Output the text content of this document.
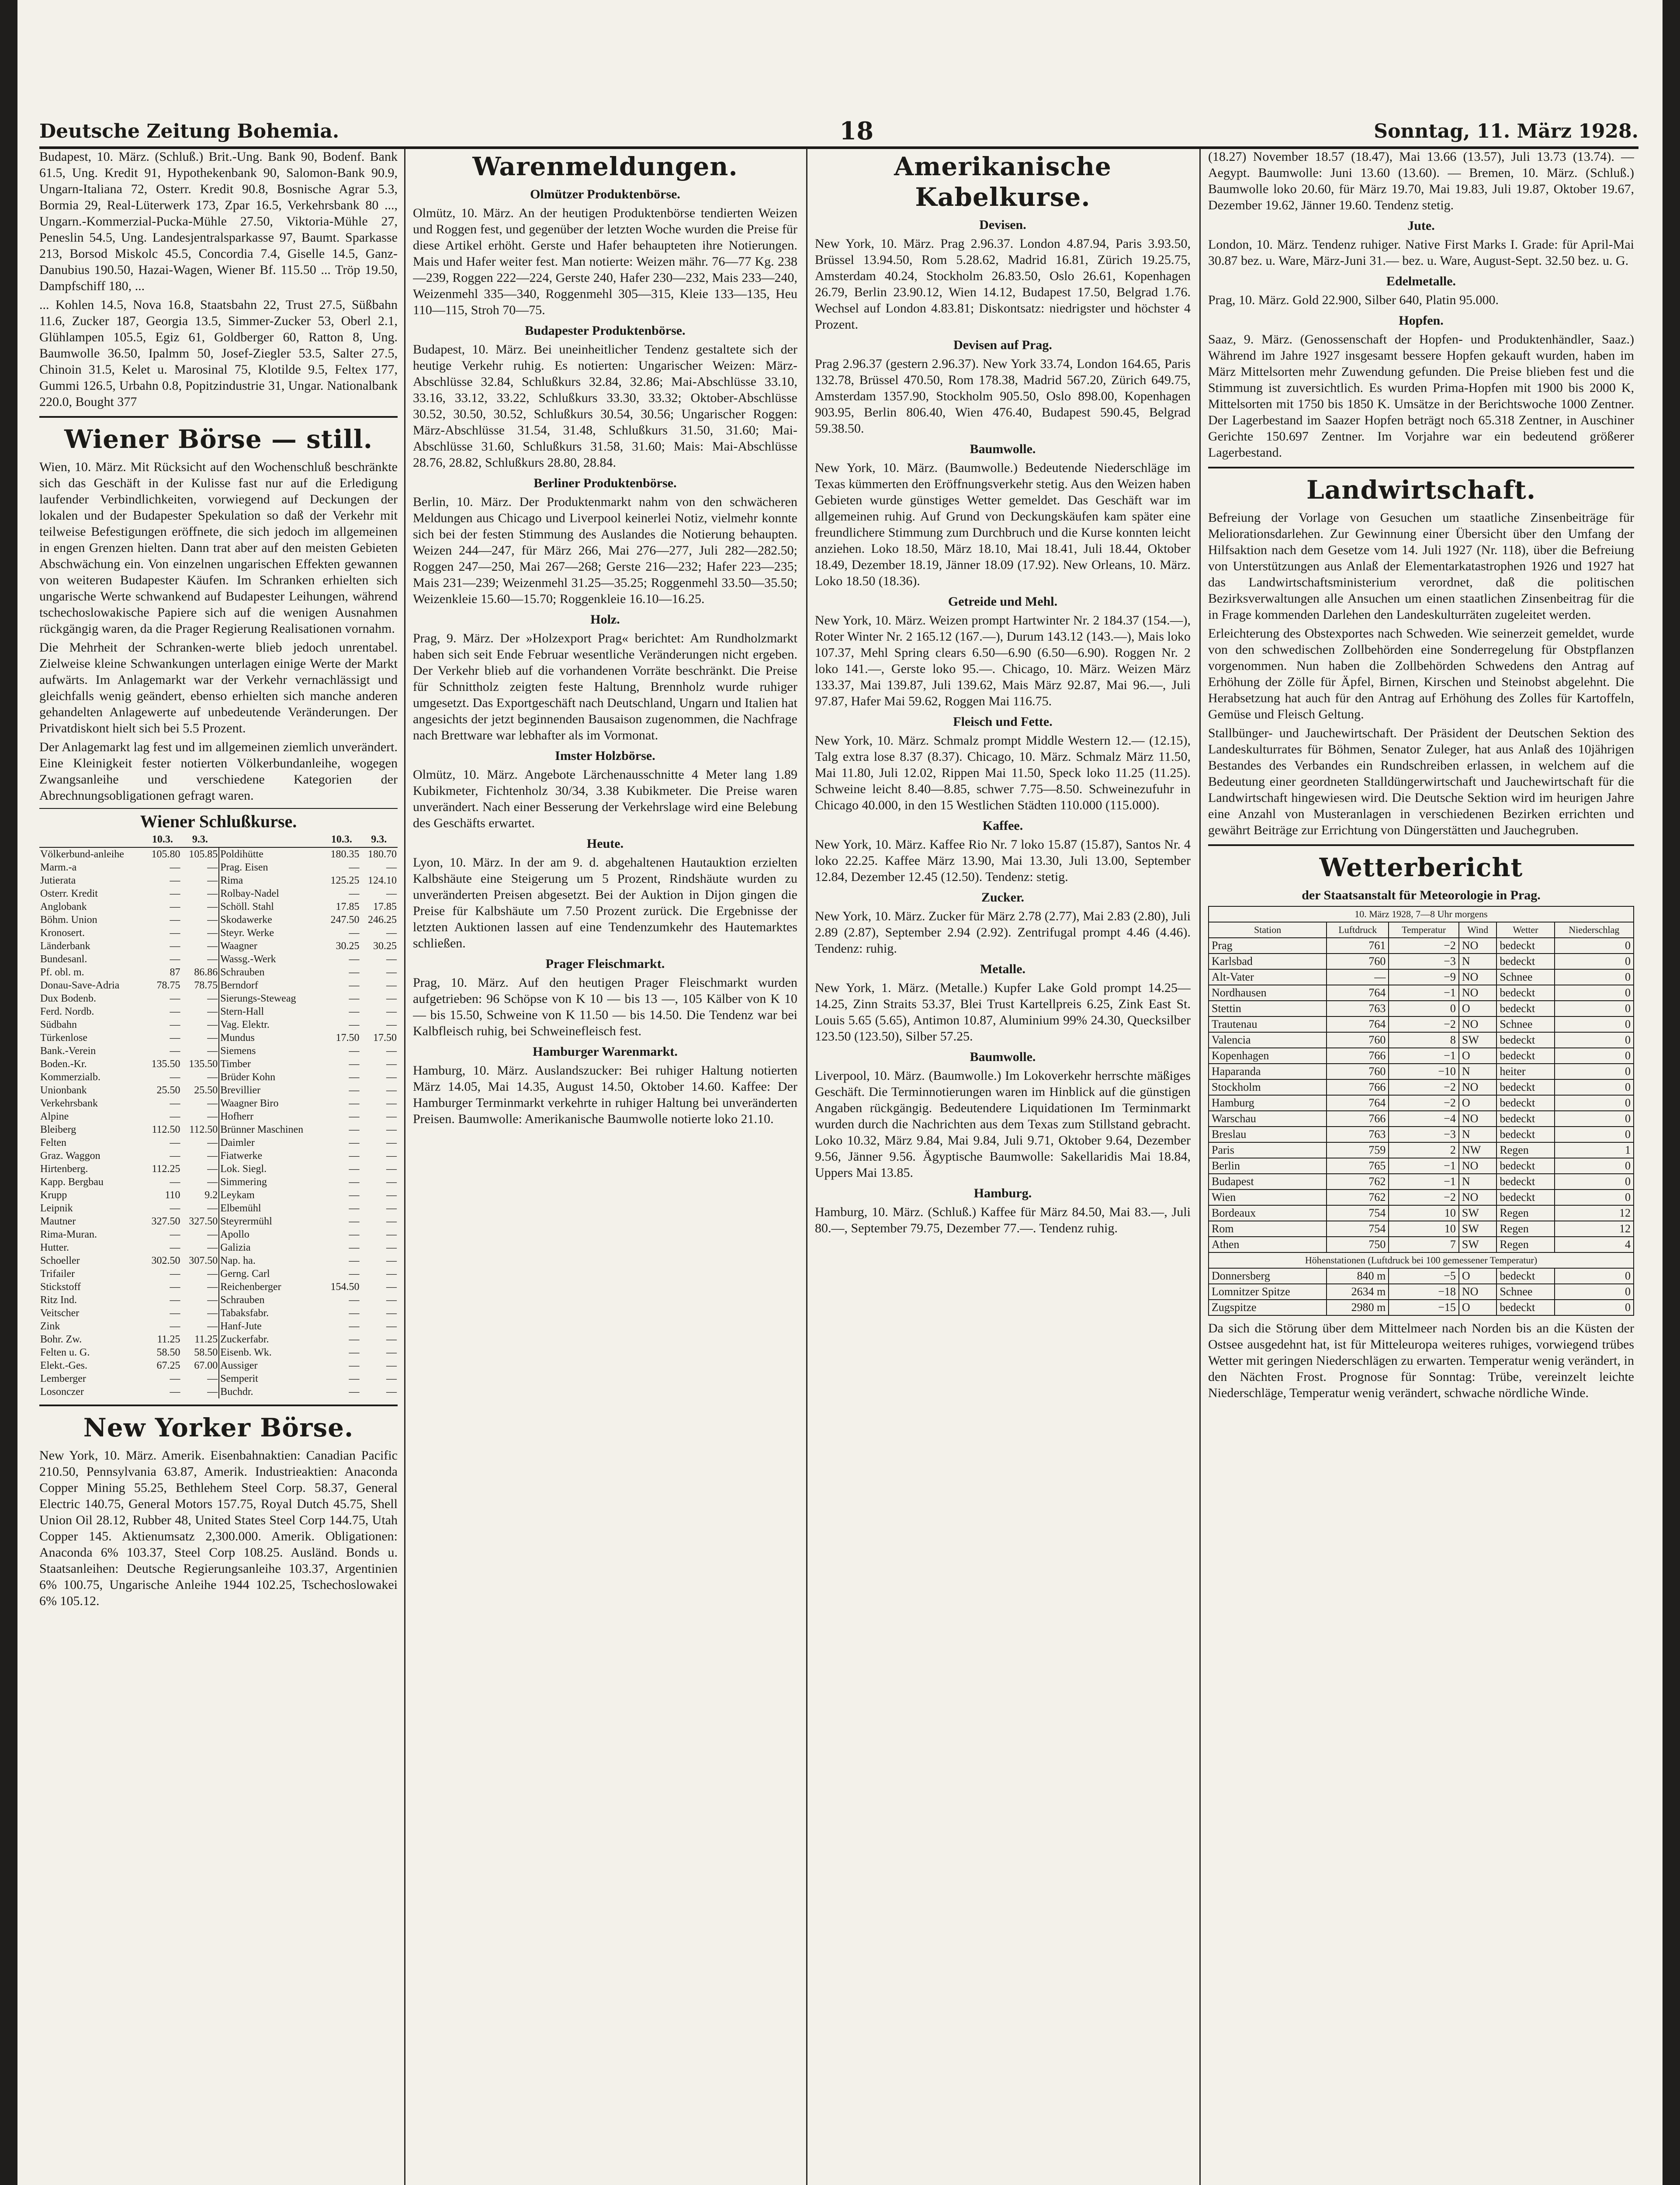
Deutsche Zeitung Bohemia.	18	Sonntag, 11. März 1928.

Budapest, 10. März. (Schluß.) Brit.-Ung. Bank 90, Bodenf. Bank 61.5, Ung. Kredit 91, Hypothekenbank 90, Salomon-Bank 90.9, Ungarn-Italiana 72, Osterr. Kredit 90.8, Bosnische Agrar 5.3, Bormia 29, Real-Lüterwerk 173, Zpar 16.5, Verkehrsbank 80 ..., Ungarn.-Kommerzial-Pucka-Mühle 27.50, Viktoria-Mühle 27, Peneslin 54.5, Ung. Landesjentralsparkasse 97, Baumt. Sparkasse 213, Borsod Miskolc 45.5, Concordia 7.4, Giselle 14.5, Ganz-Danubius 190.50, Hazai-Wagen, Wiener Bf. 115.50 ... Tröp 19.50, Dampfschiff 180, ...

... Kohlen 14.5, Nova 16.8, Staatsbahn 22, Trust 27.5, Süßbahn 11.6, Zucker 187, Georgia 13.5, Simmer-Zucker 53, Oberl 2.1, Glühlampen 105.5, Egiz 61, Goldberger 60, Ratton 8, Ung. Baumwolle 36.50, Ipalmm 50, Josef-Ziegler 53.5, Salter 27.5, Chinoin 31.5, Kelet u. Marosinal 75, Klotilde 9.5, Feltex 177, Gummi 126.5, Urbahn 0.8, Popitzindustrie 31, Ungar. Nationalbank 220.0, Bought 377

Wiener Börse — still.

Wien, 10. März. Mit Rücksicht auf den Wochenschluß beschränkte sich das Geschäft in der Kulisse fast nur auf die Erledigung laufender Verbindlichkeiten, vorwiegend auf Deckungen der lokalen und der Budapester Spekulation so daß der Verkehr mit teilweise Befestigungen eröffnete, die sich jedoch im allgemeinen in engen Grenzen hielten. Dann trat aber auf den meisten Gebieten Abschwächung ein. Von einzelnen ungarischen Effekten gewannen von weiteren Budapester Käufen. Im Schranken erhielten sich ungarische Werte schwankend auf Budapester Leihungen, während tschechoslowakische Papiere sich auf die wenigen Ausnahmen rückgängig waren, da die Prager Regierung Realisationen vornahm.

Die Mehrheit der Schranken-werte blieb jedoch unrentabel. Zielweise kleine Schwankungen unterlagen einige Werte der Markt aufwärts. Im Anlagemarkt war der Verkehr vernachlässigt und gleichfalls wenig geändert, ebenso erhielten sich manche anderen gehandelten Anlagewerte auf unbedeutende Veränderungen. Der Privatdiskont hielt sich bei 5.5 Prozent.

Der Anlagemarkt lag fest und im allgemeinen ziemlich unverändert. Eine Kleinigkeit fester notierten Völkerbundanleihe, wogegen Zwangsanleihe und verschiedene Kategorien der Abrechnungsobligationen gefragt waren.

Wiener Schlußkurse.
	10.3.	9.3.		10.3.	9.3.
Völkerbund-anleihe	105.80	105.85	Poldihütte	180.35	180.70
Marm.-a	—	—	Prag. Eisen	—	—
Jutierata	—	—	Rima	125.25	124.10
Osterr. Kredit	—	—	Rolbay-Nadel	—	—
Anglobank	—	—	Schöll. Stahl	17.85	17.85
Böhm. Union	—	—	Skodawerke	247.50	246.25
Kronosert.	—	—	Steyr. Werke	—	—
Länderbank	—	—	Waagner	30.25	30.25
Bundesanl.	—	—	Wassg.-Werk	—	—
Pf. obl. m.	87	86.86	Schrauben	—	—
Donau-Save-Adria	78.75	78.75	Berndorf	—	—
Dux Bodenb.	—	—	Sierungs-Steweag	—	—
Ferd. Nordb.	—	—	Stern-Hall	—	—
Südbahn	—	—	Vag. Elektr.	—	—
Türkenlose	—	—	Mundus	17.50	17.50
Bank.-Verein	—	—	Siemens	—	—
Boden.-Kr.	135.50	135.50	Timber	—	—
Kommerzialb.	—	—	Brüder Kohn	—	—
Unionbank	25.50	25.50	Brevillier	—	—
Verkehrsbank	—	—	Waagner Biro	—	—
Alpine	—	—	Hofherr	—	—
Bleiberg	112.50	112.50	Brünner Maschinen	—	—
Felten	—	—	Daimler	—	—
Graz. Waggon	—	—	Fiatwerke	—	—
Hirtenberg.	112.25	—	Lok. Siegl.	—	—
Kapp. Bergbau	—	—	Simmering	—	—
Krupp	110	9.2	Leykam	—	—
Leipnik	—	—	Elbemühl	—	—
Mautner	327.50	327.50	Steyrermühl	—	—
Rima-Muran.	—	—	Apollo	—	—
Hutter.	—	—	Galizia	—	—
Schoeller	302.50	307.50	Nap. ha.	—	—
Trifailer	—	—	Gerng. Carl	—	—
Stickstoff	—	—	Reichenberger	154.50	—
Ritz Ind.	—	—	Schrauben	—	—
Veitscher	—	—	Tabaksfabr.	—	—
Zink	—	—	Hanf-Jute	—	—
Bohr. Zw.	11.25	11.25	Zuckerfabr.	—	—
Felten u. G.	58.50	58.50	Eisenb. Wk.	—	—
Elekt.-Ges.	67.25	67.00	Aussiger	—	—
Lemberger	—	—	Semperit	—	—
Losonczer	—	—	Buchdr.	—	—
New Yorker Börse.

New York, 10. März. Amerik. Eisenbahnaktien: Canadian Pacific 210.50, Pennsylvania 63.87, Amerik. Industrieaktien: Anaconda Copper Mining 55.25, Bethlehem Steel Corp. 58.37, General Electric 140.75, General Motors 157.75, Royal Dutch 45.75, Shell Union Oil 28.12, Rubber 48, United States Steel Corp 144.75, Utah Copper 145. Aktienumsatz 2,300.000. Amerik. Obligationen: Anaconda 6% 103.37, Steel Corp 108.25. Ausländ. Bonds u. Staatsanleihen: Deutsche Regierungsanleihe 103.37, Argentinien 6% 100.75, Ungarische Anleihe 1944 102.25, Tschechoslowakei 6% 105.12.

Warenmeldungen.
Olmützer Produktenbörse.

Olmütz, 10. März. An der heutigen Produktenbörse tendierten Weizen und Roggen fest, und gegenüber der letzten Woche wurden die Preise für diese Artikel erhöht. Gerste und Hafer behaupteten ihre Notierungen. Mais und Hafer weiter fest. Man notierte: Weizen mähr. 76—77 Kg. 238—239, Roggen 222—224, Gerste 240, Hafer 230—232, Mais 233—240, Weizenmehl 335—340, Roggenmehl 305—315, Kleie 133—135, Heu 110—115, Stroh 70—75.

Budapester Produktenbörse.

Budapest, 10. März. Bei uneinheitlicher Tendenz gestaltete sich der heutige Verkehr ruhig. Es notierten: Ungarischer Weizen: März-Abschlüsse 32.84, Schlußkurs 32.84, 32.86; Mai-Abschlüsse 33.10, 33.16, 33.12, 33.22, Schlußkurs 33.30, 33.32; Oktober-Abschlüsse 30.52, 30.50, 30.52, Schlußkurs 30.54, 30.56; Ungarischer Roggen: März-Abschlüsse 31.54, 31.48, Schlußkurs 31.50, 31.60; Mai-Abschlüsse 31.60, Schlußkurs 31.58, 31.60; Mais: Mai-Abschlüsse 28.76, 28.82, Schlußkurs 28.80, 28.84.

Berliner Produktenbörse.

Berlin, 10. März. Der Produktenmarkt nahm von den schwächeren Meldungen aus Chicago und Liverpool keinerlei Notiz, vielmehr konnte sich bei der festen Stimmung des Auslandes die Notierung behaupten. Weizen 244—247, für März 266, Mai 276—277, Juli 282—282.50; Roggen 247—250, Mai 267—268; Gerste 216—232; Hafer 223—235; Mais 231—239; Weizenmehl 31.25—35.25; Roggenmehl 33.50—35.50; Weizenkleie 15.60—15.70; Roggenkleie 16.10—16.25.

Holz.

Prag, 9. März. Der »Holzexport Prag« berichtet: Am Rundholzmarkt haben sich seit Ende Februar wesentliche Veränderungen nicht ergeben. Der Verkehr blieb auf die vorhandenen Vorräte beschränkt. Die Preise für Schnittholz zeigten feste Haltung, Brennholz wurde ruhiger umgesetzt. Das Exportgeschäft nach Deutschland, Ungarn und Italien hat angesichts der jetzt beginnenden Bausaison zugenommen, die Nachfrage nach Brettware war lebhafter als im Vormonat.

Imster Holzbörse.

Olmütz, 10. März. Angebote Lärchenausschnitte 4 Meter lang 1.89 Kubikmeter, Fichtenholz 30/34, 3.38 Kubikmeter. Die Preise waren unverändert. Nach einer Besserung der Verkehrslage wird eine Belebung des Geschäfts erwartet.

Heute.

Lyon, 10. März. In der am 9. d. abgehaltenen Hautauktion erzielten Kalbshäute eine Steigerung um 5 Prozent, Rindshäute wurden zu unveränderten Preisen abgesetzt. Bei der Auktion in Dijon gingen die Preise für Kalbshäute um 7.50 Prozent zurück. Die Ergebnisse der letzten Auktionen lassen auf eine Tendenzumkehr des Hautemarktes schließen.

Prager Fleischmarkt.

Prag, 10. März. Auf den heutigen Prager Fleischmarkt wurden aufgetrieben: 96 Schöpse von K 10 — bis 13 —, 105 Kälber von K 10 — bis 15.50, Schweine von K 11.50 — bis 14.50. Die Tendenz war bei Kalbfleisch ruhig, bei Schweinefleisch fest.

Hamburger Warenmarkt.

Hamburg, 10. März. Auslandszucker: Bei ruhiger Haltung notierten März 14.05, Mai 14.35, August 14.50, Oktober 14.60. Kaffee: Der Hamburger Terminmarkt verkehrte in ruhiger Haltung bei unveränderten Preisen. Baumwolle: Amerikanische Baumwolle notierte loko 21.10.

Amerikanische Kabelkurse.
Devisen.

New York, 10. März. Prag 2.96.37. London 4.87.94, Paris 3.93.50, Brüssel 13.94.50, Rom 5.28.62, Madrid 16.81, Zürich 19.25.75, Amsterdam 40.24, Stockholm 26.83.50, Oslo 26.61, Kopenhagen 26.79, Berlin 23.90.12, Wien 14.12, Budapest 17.50, Belgrad 1.76. Wechsel auf London 4.83.81; Diskontsatz: niedrigster und höchster 4 Prozent.

Devisen auf Prag.

Prag 2.96.37 (gestern 2.96.37). New York 33.74, London 164.65, Paris 132.78, Brüssel 470.50, Rom 178.38, Madrid 567.20, Zürich 649.75, Amsterdam 1357.90, Stockholm 905.50, Oslo 898.00, Kopenhagen 903.95, Berlin 806.40, Wien 476.40, Budapest 590.45, Belgrad 59.38.50.

Baumwolle.

New York, 10. März. (Baumwolle.) Bedeutende Niederschläge im Texas kümmerten den Eröffnungsverkehr stetig. Aus den Weizen haben Gebieten wurde günstiges Wetter gemeldet. Das Geschäft war im allgemeinen ruhig. Auf Grund von Deckungskäufen kam später eine freundlichere Stimmung zum Durchbruch und die Kurse konnten leicht anziehen. Loko 18.50, März 18.10, Mai 18.41, Juli 18.44, Oktober 18.49, Dezember 18.19, Jänner 18.09 (17.92). New Orleans, 10. März. Loko 18.50 (18.36).

Getreide und Mehl.

New York, 10. März. Weizen prompt Hartwinter Nr. 2 184.37 (154.—), Roter Winter Nr. 2 165.12 (167.—), Durum 143.12 (143.—), Mais loko 107.37, Mehl Spring clears 6.50—6.90 (6.50—6.90). Roggen Nr. 2 loko 141.—, Gerste loko 95.—. Chicago, 10. März. Weizen März 133.37, Mai 139.87, Juli 139.62, Mais März 92.87, Mai 96.—, Juli 97.87, Hafer Mai 59.62, Roggen Mai 116.75.

Fleisch und Fette.

New York, 10. März. Schmalz prompt Middle Western 12.— (12.15), Talg extra lose 8.37 (8.37). Chicago, 10. März. Schmalz März 11.50, Mai 11.80, Juli 12.02, Rippen Mai 11.50, Speck loko 11.25 (11.25). Schweine leicht 8.40—8.85, schwer 7.75—8.50. Schweinezufuhr in Chicago 40.000, in den 15 Westlichen Städten 110.000 (115.000).

Kaffee.

New York, 10. März. Kaffee Rio Nr. 7 loko 15.87 (15.87), Santos Nr. 4 loko 22.25. Kaffee März 13.90, Mai 13.30, Juli 13.00, September 12.84, Dezember 12.45 (12.50). Tendenz: stetig.

Zucker.

New York, 10. März. Zucker für März 2.78 (2.77), Mai 2.83 (2.80), Juli 2.89 (2.87), September 2.94 (2.92). Zentrifugal prompt 4.46 (4.46). Tendenz: ruhig.

Metalle.

New York, 1. März. (Metalle.) Kupfer Lake Gold prompt 14.25—14.25, Zinn Straits 53.37, Blei Trust Kartellpreis 6.25, Zink East St. Louis 5.65 (5.65), Antimon 10.87, Aluminium 99% 24.30, Quecksilber 123.50 (123.50), Silber 57.25.

Baumwolle.

Liverpool, 10. März. (Baumwolle.) Im Lokoverkehr herrschte mäßiges Geschäft. Die Terminnotierungen waren im Hinblick auf die günstigen Angaben rückgängig. Bedeutendere Liquidationen Im Terminmarkt wurden durch die Nachrichten aus dem Texas zum Stillstand gebracht. Loko 10.32, März 9.84, Mai 9.84, Juli 9.71, Oktober 9.64, Dezember 9.56, Jänner 9.56. Ägyptische Baumwolle: Sakellaridis Mai 18.84, Uppers Mai 13.85.

Hamburg.

Hamburg, 10. März. (Schluß.) Kaffee für März 84.50, Mai 83.—, Juli 80.—, September 79.75, Dezember 77.—. Tendenz ruhig.

(18.27) November 18.57 (18.47), Mai 13.66 (13.57), Juli 13.73 (13.74). — Aegypt. Baumwolle: Juni 13.60 (13.60). — Bremen, 10. März. (Schluß.) Baumwolle loko 20.60, für März 19.70, Mai 19.83, Juli 19.87, Oktober 19.67, Dezember 19.62, Jänner 19.60. Tendenz stetig.

Jute.

London, 10. März. Tendenz ruhiger. Native First Marks I. Grade: für April-Mai 30.87 bez. u. Ware, März-Juni 31.— bez. u. Ware, August-Sept. 32.50 bez. u. G.

Edelmetalle.

Prag, 10. März. Gold 22.900, Silber 640, Platin 95.000.

Hopfen.

Saaz, 9. März. (Genossenschaft der Hopfen- und Produktenhändler, Saaz.) Während im Jahre 1927 insgesamt bessere Hopfen gekauft wurden, haben im März Mittelsorten mehr Zuwendung gefunden. Die Preise blieben fest und die Stimmung ist zuversichtlich. Es wurden Prima-Hopfen mit 1900 bis 2000 K, Mittelsorten mit 1750 bis 1850 K. Umsätze in der Berichtswoche 1000 Zentner. Der Lagerbestand im Saazer Hopfen beträgt noch 65.318 Zentner, in Auschiner Gerichte 150.697 Zentner. Im Vorjahre war ein bedeutend größerer Lagerbestand.

Landwirtschaft.

Befreiung der Vorlage von Gesuchen um staatliche Zinsenbeiträge für Meliorationsdarlehen. Zur Gewinnung einer Übersicht über den Umfang der Hilfsaktion nach dem Gesetze vom 14. Juli 1927 (Nr. 118), über die Befreiung von Unterstützungen aus Anlaß der Elementarkatastrophen 1926 und 1927 hat das Landwirtschaftsministerium verordnet, daß die politischen Bezirksverwaltungen alle Ansuchen um einen staatlichen Zinsenbeitrag für die in Frage kommenden Darlehen den Landeskulturräten zugeleitet werden.

Erleichterung des Obstexportes nach Schweden. Wie seinerzeit gemeldet, wurde von den schwedischen Zollbehörden eine Sonderregelung für Obstpflanzen vorgenommen. Nun haben die Zollbehörden Schwedens den Antrag auf Erhöhung der Zölle für Äpfel, Birnen, Kirschen und Steinobst abgelehnt. Die Herabsetzung hat auch für den Antrag auf Erhöhung des Zolles für Kartoffeln, Gemüse und Fleisch Geltung.

Stallbünger- und Jauchewirtschaft. Der Präsident der Deutschen Sektion des Landeskulturrates für Böhmen, Senator Zuleger, hat aus Anlaß des 10jährigen Bestandes des Verbandes ein Rundschreiben erlassen, in welchem auf die Bedeutung einer geordneten Stalldüngerwirtschaft und Jauchewirtschaft für die Landwirtschaft hingewiesen wird. Die Deutsche Sektion wird im heurigen Jahre eine Anzahl von Musteranlagen in verschiedenen Bezirken errichten und gewährt Beiträge zur Errichtung von Düngerstätten und Jauchegruben.

Wetterbericht
der Staatsanstalt für Meteorologie in Prag.
10. März 1928, 7—8 Uhr morgens					
Station	Luftdruck	Temperatur	Wind	Wetter	Niederschlag
Prag	761	−2	NO	bedeckt	0
Karlsbad	760	−3	N	bedeckt	0
Alt-Vater	—	−9	NO	Schnee	0
Nordhausen	764	−1	NO	bedeckt	0
Stettin	763	0	O	bedeckt	0
Trautenau	764	−2	NO	Schnee	0
Valencia	760	8	SW	bedeckt	0
Kopenhagen	766	−1	O	bedeckt	0
Haparanda	760	−10	N	heiter	0
Stockholm	766	−2	NO	bedeckt	0
Hamburg	764	−2	O	bedeckt	0
Warschau	766	−4	NO	bedeckt	0
Breslau	763	−3	N	bedeckt	0
Paris	759	2	NW	Regen	1
Berlin	765	−1	NO	bedeckt	0
Budapest	762	−1	N	bedeckt	0
Wien	762	−2	NO	bedeckt	0
Bordeaux	754	10	SW	Regen	12
Rom	754	10	SW	Regen	12
Athen	750	7	SW	Regen	4
Höhenstationen (Luftdruck bei 100 gemessener Temperatur)					
Donnersberg	840 m	−5	O	bedeckt	0
Lomnitzer Spitze	2634 m	−18	NO	Schnee	0
Zugspitze	2980 m	−15	O	bedeckt	0

Da sich die Störung über dem Mittelmeer nach Norden bis an die Küsten der Ostsee ausgedehnt hat, ist für Mitteleuropa weiteres ruhiges, vorwiegend trübes Wetter mit geringen Niederschlägen zu erwarten. Temperatur wenig verändert, in den Nächten Frost. Prognose für Sonntag: Trübe, vereinzelt leichte Niederschläge, Temperatur wenig verändert, schwache nördliche Winde.
